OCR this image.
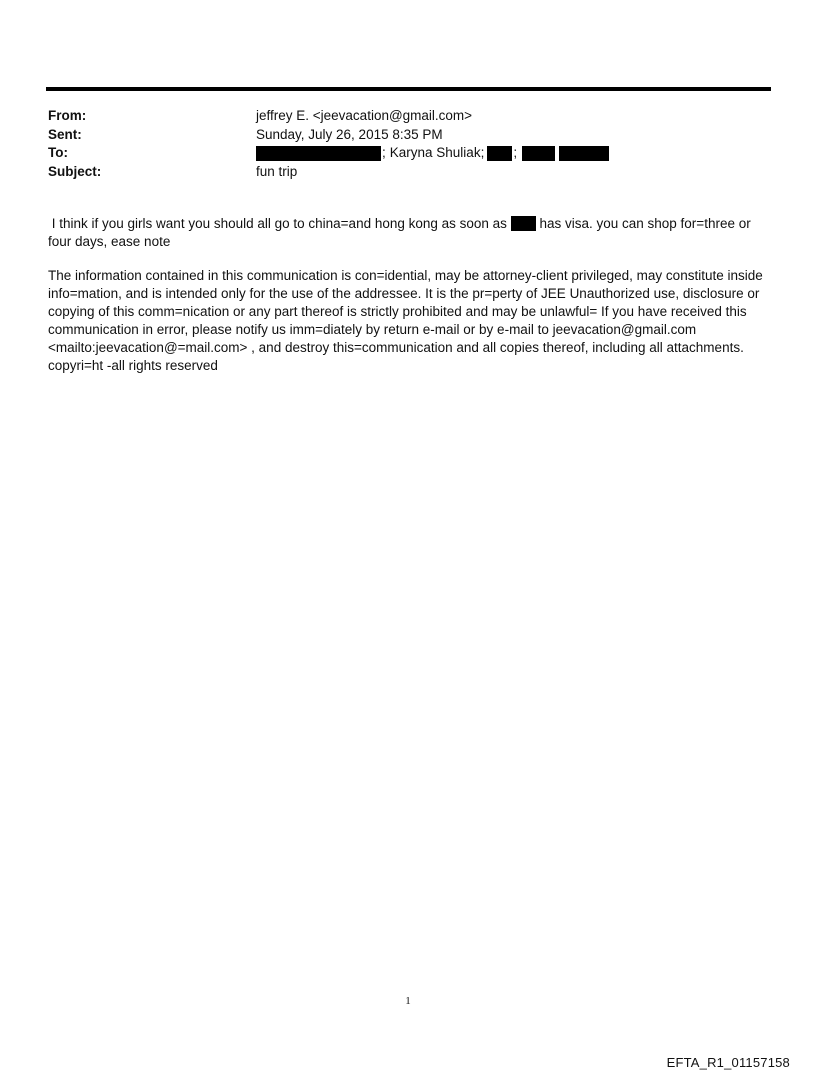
From:	jeffrey E. <jeevacation@gmail.com>
Sent:	Sunday, July 26, 2015 8:35 PM
To:	; Karyna Shuliak; ;
Subject:	fun trip

I think if you girls want you should all go to china=and hong kong as soon as has visa. you can shop for=three or four days, ease note

The information contained in this communication is con=idential, may be attorney-client privileged, may constitute inside info=mation, and is intended only for the use of the addressee. It is the pr=perty of JEE Unauthorized use, disclosure or copying of this comm=nication or any part thereof is strictly prohibited and may be unlawful= If you have received this communication in error, please notify us imm=diately by return e-mail or by e-mail to jeevacation@gmail.com <mailto:jeevacation@=mail.com> , and destroy this=communication and all copies thereof, including all attachments. copyri=ht -all rights reserved

1
EFTA_R1_01157158
